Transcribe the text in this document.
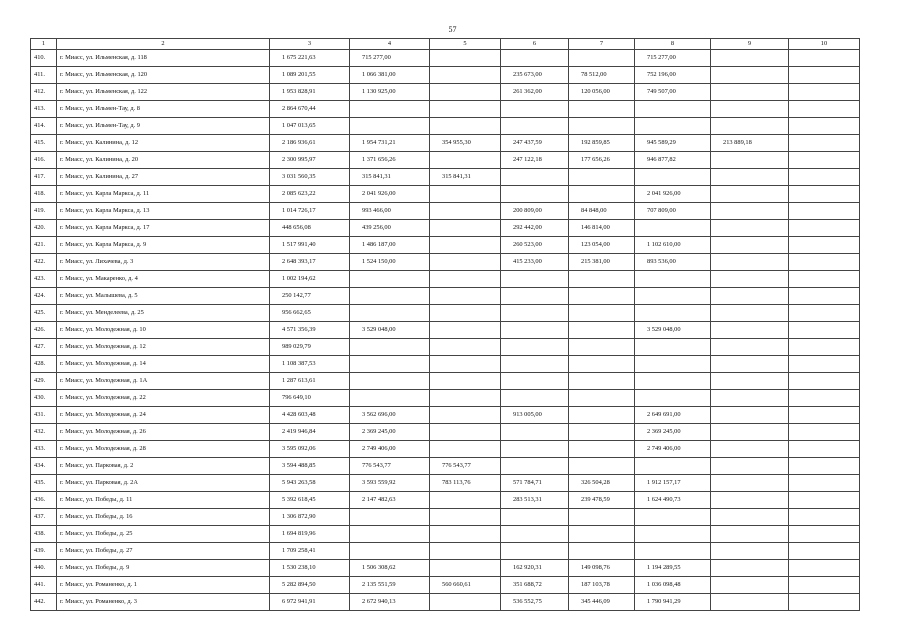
57
1	2	3	4	5	6	7	8	9	10
410.	г. Миасс, ул. Ильменская, д. 118	1 675 221,63	715 277,00				715 277,00		
411.	г. Миасс, ул. Ильменская, д. 120	1 089 201,55	1 066 381,00		235 673,00	78 512,00	752 196,00		
412.	г. Миасс, ул. Ильменская, д. 122	1 953 828,91	1 130 925,00		261 362,00	120 056,00	749 507,00		
413.	г. Миасс, ул. Ильмен-Тау, д. 8	2 864 670,44							
414.	г. Миасс, ул. Ильмен-Тау, д. 9	1 047 013,65							
415.	г. Миасс, ул. Калинина, д. 12	2 186 936,61	1 954 731,21	354 955,30	247 437,59	192 859,85	945 589,29	213 889,18	
416.	г. Миасс, ул. Калинина, д. 20	2 300 995,97	1 371 656,26		247 122,18	177 656,26	946 877,82		
417.	г. Миасс, ул. Калинина, д. 27	3 031 560,35	315 841,31	315 841,31					
418.	г. Миасс, ул. Карла Маркса, д. 11	2 085 623,22	2 041 926,00				2 041 926,00		
419.	г. Миасс, ул. Карла Маркса, д. 13	1 014 726,17	993 466,00		200 809,00	84 848,00	707 809,00		
420.	г. Миасс, ул. Карла Маркса, д. 17	448 656,08	439 256,00		292 442,00	146 814,00			
421.	г. Миасс, ул. Карла Маркса, д. 9	1 517 991,40	1 486 187,00		260 523,00	123 054,00	1 102 610,00		
422.	г. Миасс, ул. Лихачева, д. 3	2 648 393,17	1 524 150,00		415 233,00	215 381,00	893 536,00		
423.	г. Миасс, ул. Макаренко, д. 4	1 002 194,62							
424.	г. Миасс, ул. Малышева, д. 5	250 142,77							
425.	г. Миасс, ул. Менделеева, д. 25	956 662,65							
426.	г. Миасс, ул. Молодежная, д. 10	4 571 356,39	3 529 048,00				3 529 048,00		
427.	г. Миасс, ул. Молодежная, д. 12	989 029,79							
428.	г. Миасс, ул. Молодежная, д. 14	1 108 387,53							
429.	г. Миасс, ул. Молодежная, д. 1А	1 287 613,61							
430.	г. Миасс, ул. Молодежная, д. 22	796 649,10							
431.	г. Миасс, ул. Молодежная, д. 24	4 428 603,48	3 562 696,00		913 005,00		2 649 691,00		
432.	г. Миасс, ул. Молодежная, д. 26	2 419 946,84	2 369 245,00				2 369 245,00		
433.	г. Миасс, ул. Молодежная, д. 28	3 595 092,06	2 749 406,00				2 749 406,00		
434.	г. Миасс, ул. Парковая, д. 2	3 594 488,85	776 543,77	776 543,77					
435.	г. Миасс, ул. Парковая, д. 2А	5 943 263,58	3 593 559,92	783 113,76	571 784,71	326 504,28	1 912 157,17		
436.	г. Миасс, ул. Победы, д. 11	5 392 618,45	2 147 482,63		283 513,31	239 478,59	1 624 490,73		
437.	г. Миасс, ул. Победы, д. 16	1 306 872,90							
438.	г. Миасс, ул. Победы, д. 25	1 694 819,96							
439.	г. Миасс, ул. Победы, д. 27	1 709 258,41							
440.	г. Миасс, ул. Победы, д. 9	1 530 238,10	1 506 308,62		162 920,31	149 098,76	1 194 289,55		
441.	г. Миасс, ул. Романенко, д. 1	5 282 894,50	2 135 551,59	560 660,61	351 688,72	187 103,78	1 036 098,48		
442.	г. Миасс, ул. Романенко, д. 3	6 972 941,91	2 672 940,13		536 552,75	345 446,09	1 790 941,29		
